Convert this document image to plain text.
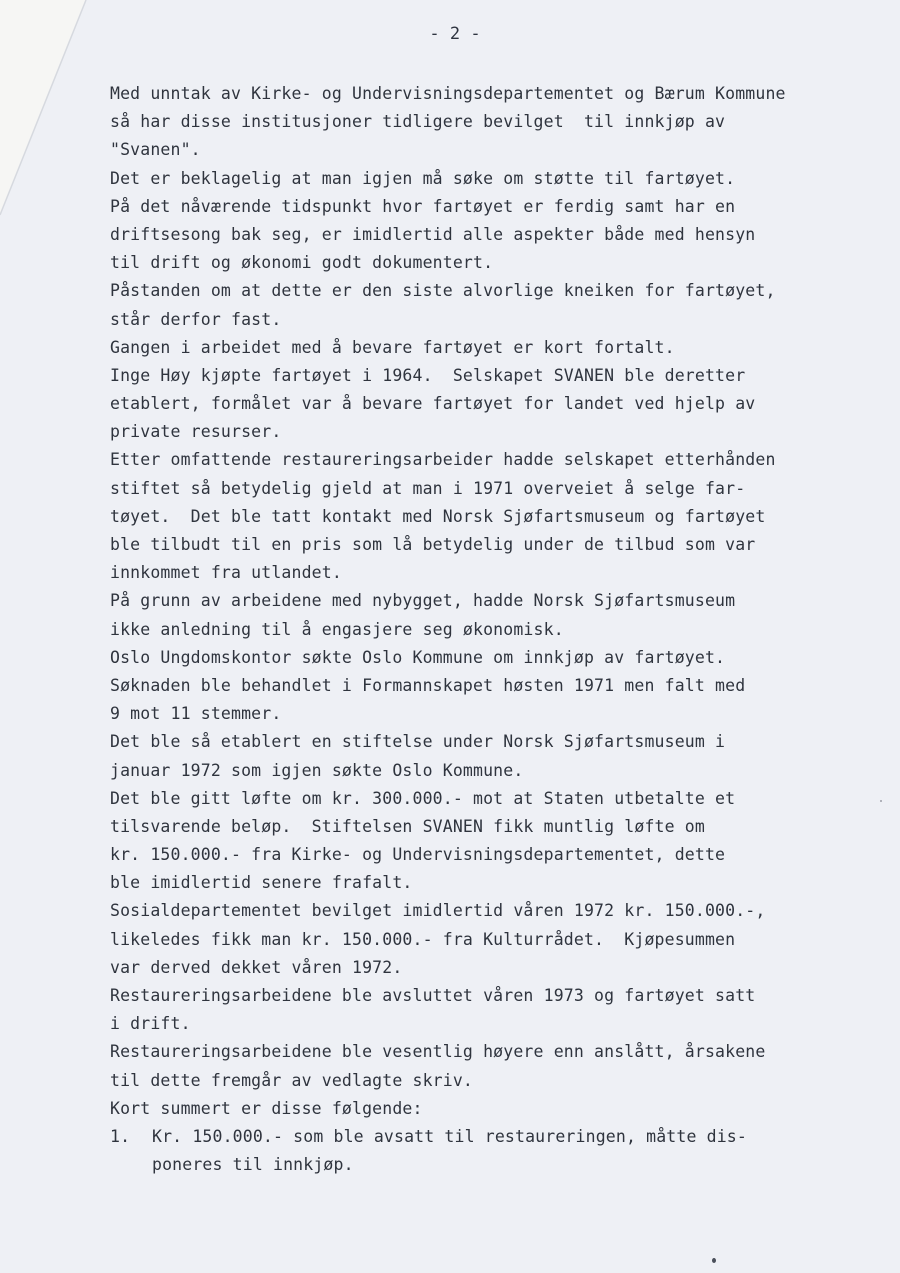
- 2 -
Med unntak av Kirke- og Undervisningsdepartementet og Bærum Kommune
så har disse institusjoner tidligere bevilget  til innkjøp av
"Svanen".
Det er beklagelig at man igjen må søke om støtte til fartøyet.
På det nåværende tidspunkt hvor fartøyet er ferdig samt har en
driftsesong bak seg, er imidlertid alle aspekter både med hensyn
til drift og økonomi godt dokumentert.
Påstanden om at dette er den siste alvorlige kneiken for fartøyet,
står derfor fast.
Gangen i arbeidet med å bevare fartøyet er kort fortalt.
Inge Høy kjøpte fartøyet i 1964.  Selskapet SVANEN ble deretter
etablert, formålet var å bevare fartøyet for landet ved hjelp av
private resurser.
Etter omfattende restaureringsarbeider hadde selskapet etterhånden
stiftet så betydelig gjeld at man i 1971 overveiet å selge far-
tøyet.  Det ble tatt kontakt med Norsk Sjøfartsmuseum og fartøyet
ble tilbudt til en pris som lå betydelig under de tilbud som var
innkommet fra utlandet.
På grunn av arbeidene med nybygget, hadde Norsk Sjøfartsmuseum
ikke anledning til å engasjere seg økonomisk.
Oslo Ungdomskontor søkte Oslo Kommune om innkjøp av fartøyet.
Søknaden ble behandlet i Formannskapet høsten 1971 men falt med
9 mot 11 stemmer.
Det ble så etablert en stiftelse under Norsk Sjøfartsmuseum i
januar 1972 som igjen søkte Oslo Kommune.
Det ble gitt løfte om kr. 300.000.- mot at Staten utbetalte et
tilsvarende beløp.  Stiftelsen SVANEN fikk muntlig løfte om
kr. 150.000.- fra Kirke- og Undervisningsdepartementet, dette
ble imidlertid senere frafalt.
Sosialdepartementet bevilget imidlertid våren 1972 kr. 150.000.-,
likeledes fikk man kr. 150.000.- fra Kulturrådet.  Kjøpesummen
var derved dekket våren 1972.
Restaureringsarbeidene ble avsluttet våren 1973 og fartøyet satt
i drift.
Restaureringsarbeidene ble vesentlig høyere enn anslått, årsakene
til dette fremgår av vedlagte skriv.
Kort summert er disse følgende:
1. Kr. 150.000.- som ble avsatt til restaureringen, måtte dis-
poneres til innkjøp.
